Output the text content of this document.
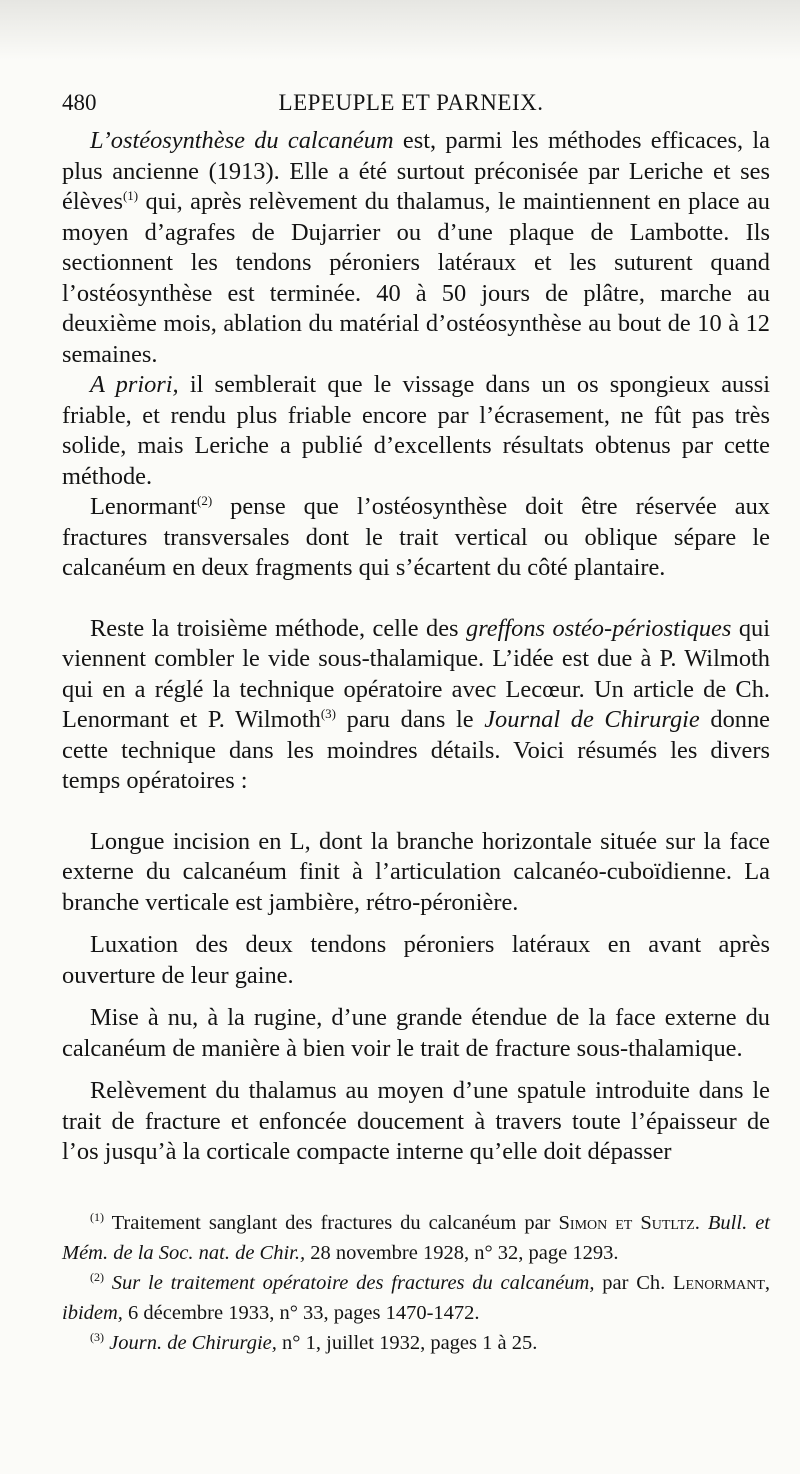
480	LEPEUPLE ET PARNEIX.

L’ostéosynthèse du calcanéum est, parmi les méthodes efficaces, la plus ancienne (1913). Elle a été surtout préconisée par Leriche et ses élèves$^{(1)}$ qui, après relèvement du thalamus, le maintiennent en place au moyen d’agrafes de Dujarrier ou d’une plaque de Lambotte. Ils sectionnent les tendons péroniers latéraux et les suturent quand l’ostéosynthèse est terminée. 40 à 50 jours de plâtre, marche au deuxième mois, ablation du matérial d’ostéosynthèse au bout de 10 à 12 semaines.

A priori, il semblerait que le vissage dans un os spongieux aussi friable, et rendu plus friable encore par l’écrasement, ne fût pas très solide, mais Leriche a publié d’excellents résultats obtenus par cette méthode.

Lenormant$^{(2)}$ pense que l’ostéosynthèse doit être réservée aux fractures transversales dont le trait vertical ou oblique sépare le calcanéum en deux fragments qui s’écartent du côté plantaire.

Reste la troisième méthode, celle des greffons ostéo-périostiques qui viennent combler le vide sous-thalamique. L’idée est due à P. Wilmoth qui en a réglé la technique opératoire avec Lecœur. Un article de Ch. Lenormant et P. Wilmoth$^{(3)}$ paru dans le Journal de Chirurgie donne cette technique dans les moindres détails. Voici résumés les divers temps opératoires :

Longue incision en L, dont la branche horizontale située sur la face externe du calcanéum finit à l’articulation calcanéo-cuboïdienne. La branche verticale est jambière, rétro-péronière.

Luxation des deux tendons péroniers latéraux en avant après ouverture de leur gaine.

Mise à nu, à la rugine, d’une grande étendue de la face externe du calcanéum de manière à bien voir le trait de fracture sous-thalamique.

Relèvement du thalamus au moyen d’une spatule introduite dans le trait de fracture et enfoncée doucement à travers toute l’épaisseur de l’os jusqu’à la corticale compacte interne qu’elle doit dépasser

$^{(1)}$ Traitement sanglant des fractures du calcanéum par Simon et Sutltz. Bull. et Mém. de la Soc. nat. de Chir., 28 novembre 1928, n° 32, page 1293.

$^{(2)}$ Sur le traitement opératoire des fractures du calcanéum, par Ch. Lenormant, ibidem, 6 décembre 1933, n° 33, pages 1470-1472.

$^{(3)}$ Journ. de Chirurgie, n° 1, juillet 1932, pages 1 à 25.
